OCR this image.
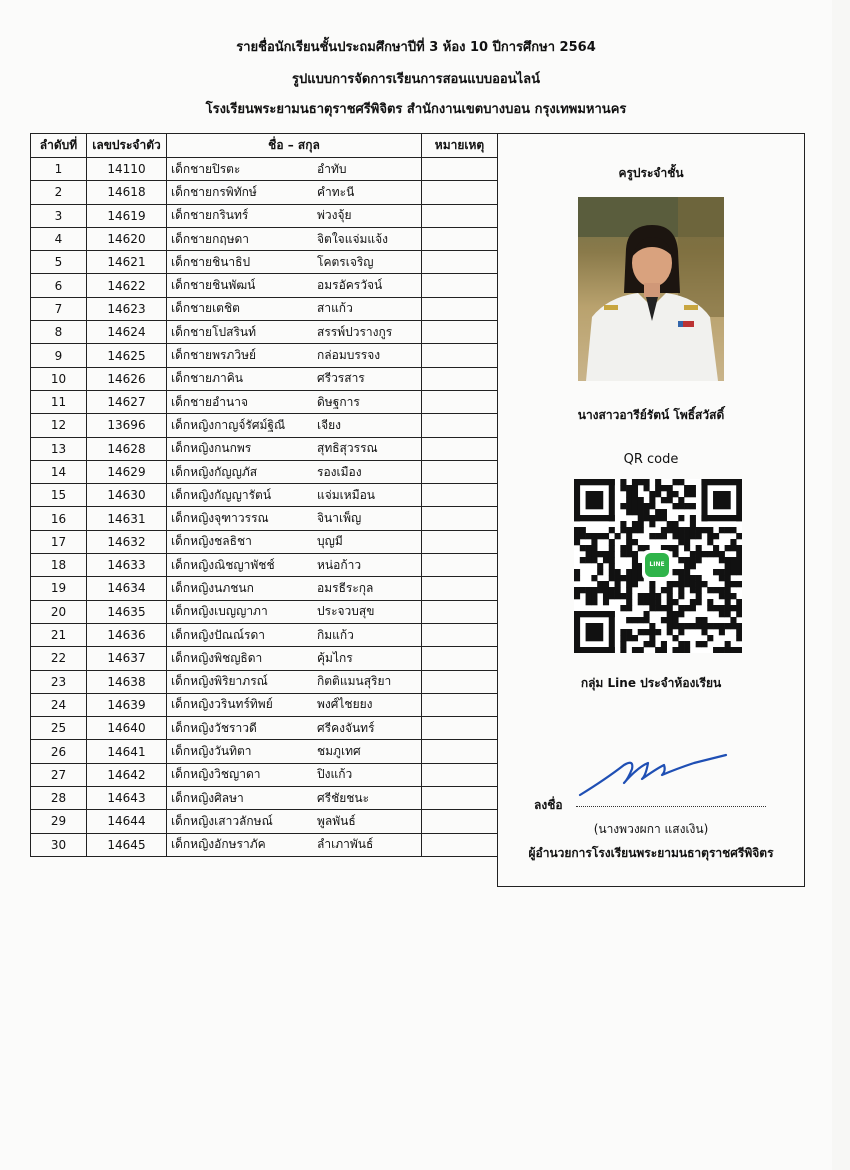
รายชื่อนักเรียนชั้นประถมศึกษาปีที่ 3 ห้อง 10 ปีการศึกษา 2564
รูปแบบการจัดการเรียนการสอนแบบออนไลน์
โรงเรียนพระยามนธาตุราชศรีพิจิตร สำนักงานเขตบางบอน กรุงเทพมหานคร
ลำดับที่	เลขประจำตัว	ชื่อ – สกุล	หมายเหตุ
1	14110	เด็กชายปิรตะ อำทับ	
2	14618	เด็กชายกรพิทักษ์ คำทะนี	
3	14619	เด็กชายกรินทร์ พ่วงจุ้ย	
4	14620	เด็กชายกฤษดา จิตใจแจ่มแจ้ง	
5	14621	เด็กชายชินาธิป โคตรเจริญ	
6	14622	เด็กชายชินพัฒน์ อมรอัครวัจน์	
7	14623	เด็กชายเตชิต สาแก้ว	
8	14624	เด็กชายโปสรินท์ สรรพ์ปวรางกูร	
9	14625	เด็กชายพรภวิษย์ กล่อมบรรจง	
10	14626	เด็กชายภาคิน ศรีวรสาร	
11	14627	เด็กชายอำนาจ ดิษฐการ	
12	13696	เด็กหญิงกาญจ์รัศม์ฐิณี เจียง	
13	14628	เด็กหญิงกนกพร สุทธิสุวรรณ	
14	14629	เด็กหญิงกัญญภัส รองเมือง	
15	14630	เด็กหญิงกัญญารัตน์ แจ่มเหมือน	
16	14631	เด็กหญิงจุฑาวรรณ จินาเพ็ญ	
17	14632	เด็กหญิงชลธิชา บุญมี	
18	14633	เด็กหญิงณิชญาพัชช์ หน่อก้าว	
19	14634	เด็กหญิงนภชนก อมรธีระกุล	
20	14635	เด็กหญิงเบญญาภา ประจวบสุข	
21	14636	เด็กหญิงปัณณ์รดา กิมแก้ว	
22	14637	เด็กหญิงพิชญธิดา คุ้มไกร	
23	14638	เด็กหญิงพิริยาภรณ์ กิตติแมนสุริยา	
24	14639	เด็กหญิงวรินทร์ทิพย์ พงศ์ไชยยง	
25	14640	เด็กหญิงวัชราวดี ศรีคงจันทร์	
26	14641	เด็กหญิงวันทิตา ชมภูเทศ	
27	14642	เด็กหญิงวิชญาดา ปิงแก้ว	
28	14643	เด็กหญิงศิลษา ศรีชัยชนะ	
29	14644	เด็กหญิงเสาวลักษณ์ พูลพันธ์	
30	14645	เด็กหญิงอักษราภัค ลำเภาพันธ์	
ครูประจำชั้น
นางสาวอารีย์รัตน์ โพธิ์สวัสดิ์
QR code
LINE
กลุ่ม Line ประจำห้องเรียน
ลงชื่อ
(นางพวงผกา แสงเงิน)
ผู้อำนวยการโรงเรียนพระยามนธาตุราชศรีพิจิตร
